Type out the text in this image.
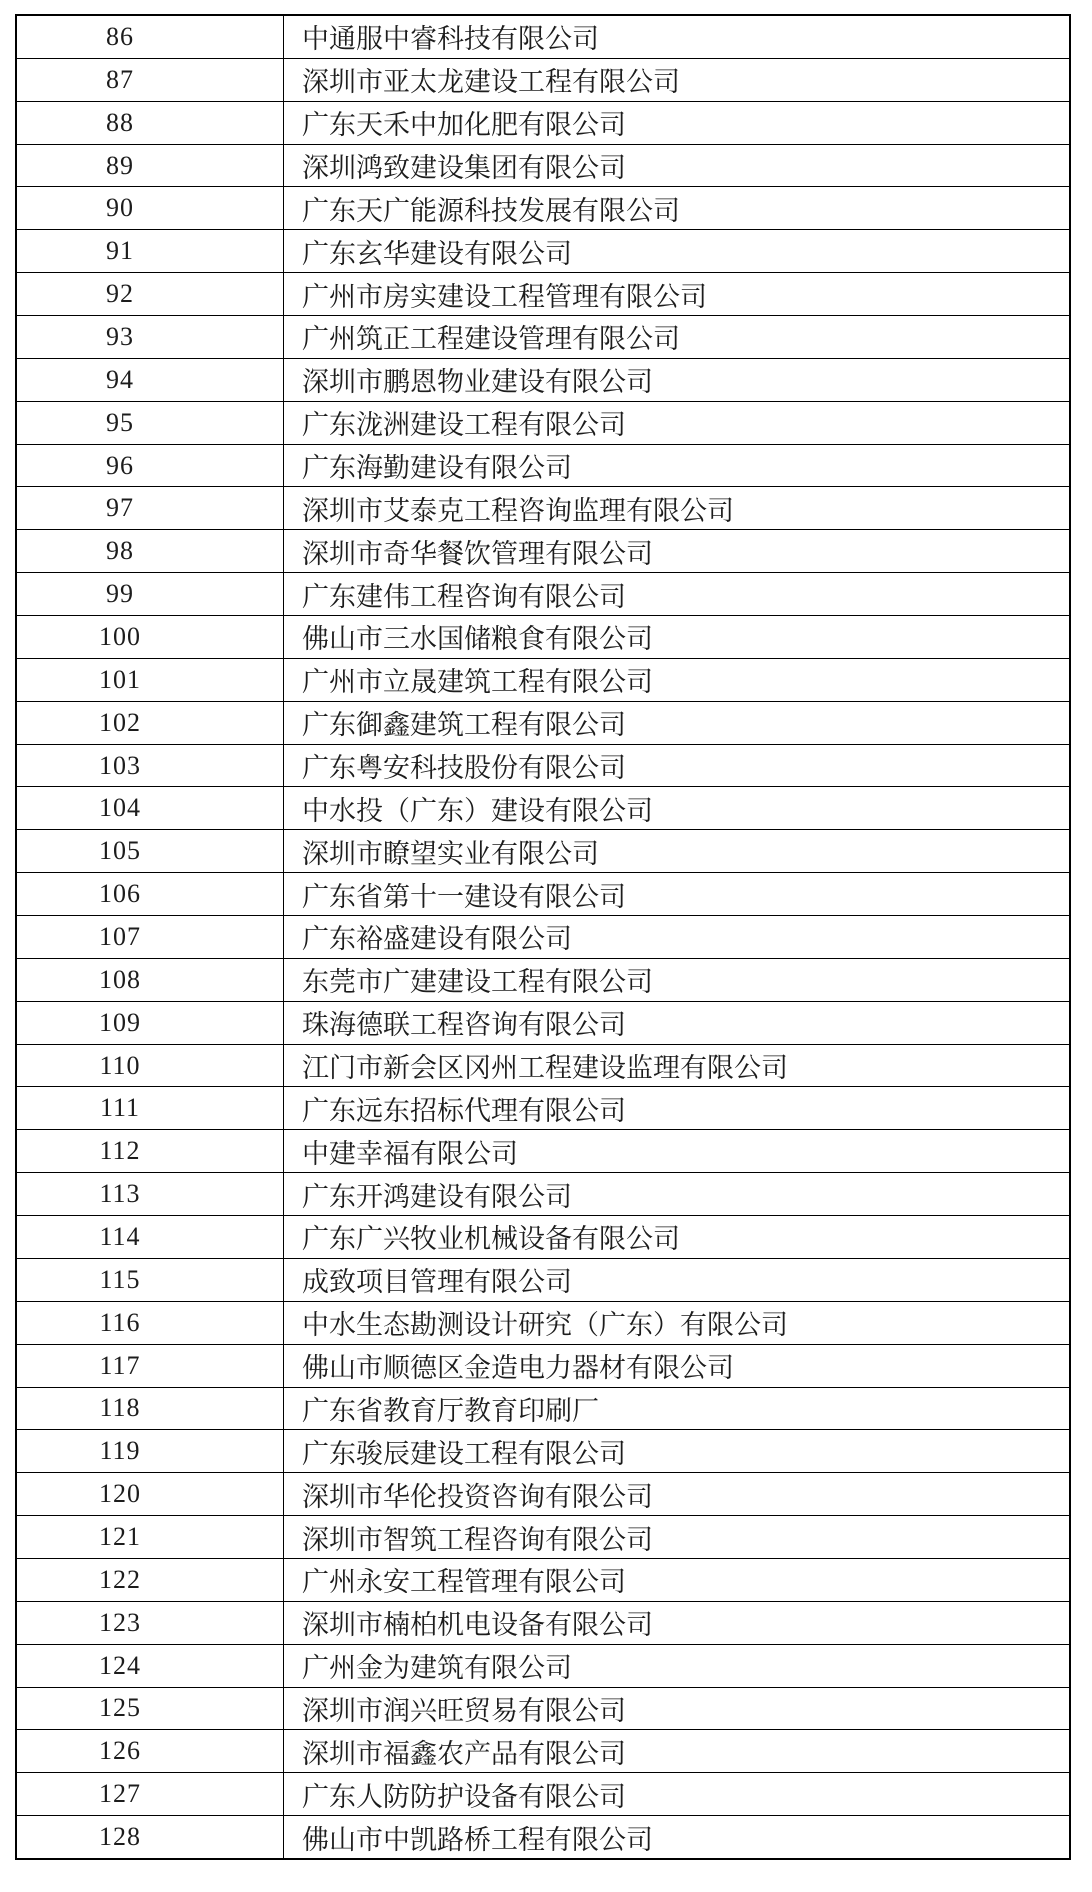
86	中通服中睿科技有限公司
87	深圳市亚太龙建设工程有限公司
88	广东天禾中加化肥有限公司
89	深圳鸿致建设集团有限公司
90	广东天广能源科技发展有限公司
91	广东玄华建设有限公司
92	广州市房实建设工程管理有限公司
93	广州筑正工程建设管理有限公司
94	深圳市鹏恩物业建设有限公司
95	广东泷洲建设工程有限公司
96	广东海勤建设有限公司
97	深圳市艾泰克工程咨询监理有限公司
98	深圳市奇华餐饮管理有限公司
99	广东建伟工程咨询有限公司
100	佛山市三水国储粮食有限公司
101	广州市立晟建筑工程有限公司
102	广东御鑫建筑工程有限公司
103	广东粤安科技股份有限公司
104	中水投（广东）建设有限公司
105	深圳市瞭望实业有限公司
106	广东省第十一建设有限公司
107	广东裕盛建设有限公司
108	东莞市广建建设工程有限公司
109	珠海德联工程咨询有限公司
110	江门市新会区冈州工程建设监理有限公司
111	广东远东招标代理有限公司
112	中建幸福有限公司
113	广东开鸿建设有限公司
114	广东广兴牧业机械设备有限公司
115	成致项目管理有限公司
116	中水生态勘测设计研究（广东）有限公司
117	佛山市顺德区金造电力器材有限公司
118	广东省教育厅教育印刷厂
119	广东骏辰建设工程有限公司
120	深圳市华伦投资咨询有限公司
121	深圳市智筑工程咨询有限公司
122	广州永安工程管理有限公司
123	深圳市楠柏机电设备有限公司
124	广州金为建筑有限公司
125	深圳市润兴旺贸易有限公司
126	深圳市福鑫农产品有限公司
127	广东人防防护设备有限公司
128	佛山市中凯路桥工程有限公司
